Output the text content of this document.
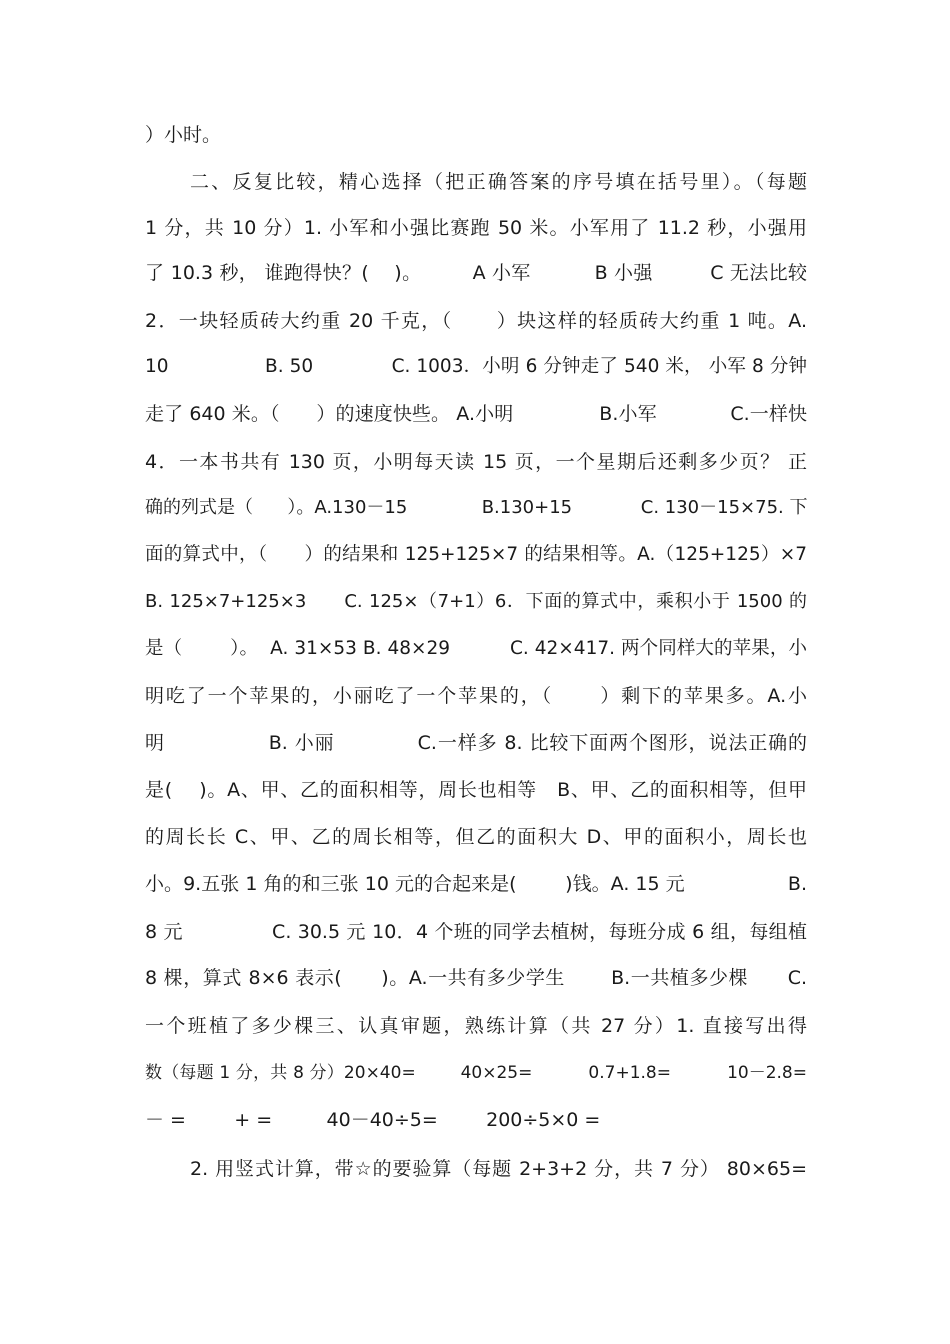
）小时。
二、反复比较，精心选择（把正确答案的序号填在括号里）。（每题
1 分，共 10 分）1. 小军和小强比赛跑 50 米。小军用了 11.2 秒，小强用
了 10.3 秒， 谁跑得快？(    )。        A 小军          B 小强         C 无法比较
2．一块轻质砖大约重 20 千克，（      ）块这样的轻质砖大约重 1 吨。A.
10                B. 50             C. 1003．小明 6 分钟走了 540 米， 小军 8 分钟
走了 640 米。（      ）的速度快些。 A.小明              B.小军            C.一样快
4．一本书共有 130 页，小明每天读 15 页，一个星期后还剩多少页？ 正
确的列式是（      ）。A.130－15             B.130+15            C. 130－15×75. 下
面的算式中，（      ）的结果和 125+125×7 的结果相等。A.（125+125）×7
B. 125×7+125×3      C. 125×（7+1）6．下面的算式中，乘积小于 1500 的
是（        ）。  A. 31×53 B. 48×29          C. 42×417. 两个同样大的苹果，小
明吃了一个苹果的，小丽吃了一个苹果的，（      ）剩下的苹果多。A.小
明               B. 小丽            C.一样多 8. 比较下面两个图形，说法正确的
是(    )。A、甲、乙的面积相等，周长也相等   B、甲、乙的面积相等，但甲
的周长长 C、甲、乙的周长相等，但乙的面积大 D、甲的面积小，周长也
小。9.五张 1 角的和三张 10 元的合起来是(        )钱。A. 15 元                 B.
8 元              C. 30.5 元 10．4 个班的同学去植树，每班分成 6 组，每组植
8 棵，算式 8×6 表示(      )。A.一共有多少学生       B.一共植多少棵      C.
一个班植了多少棵三、认真审题，熟练计算（共 27 分）1. 直接写出得
数（每题 1 分，共 8 分）20×40=        40×25=          0.7+1.8=          10－2.8=
－ =        + =         40－40÷5=        200÷5×0 =
2. 用竖式计算，带☆的要验算（每题 2+3+2 分，共 7 分） 80×65=
